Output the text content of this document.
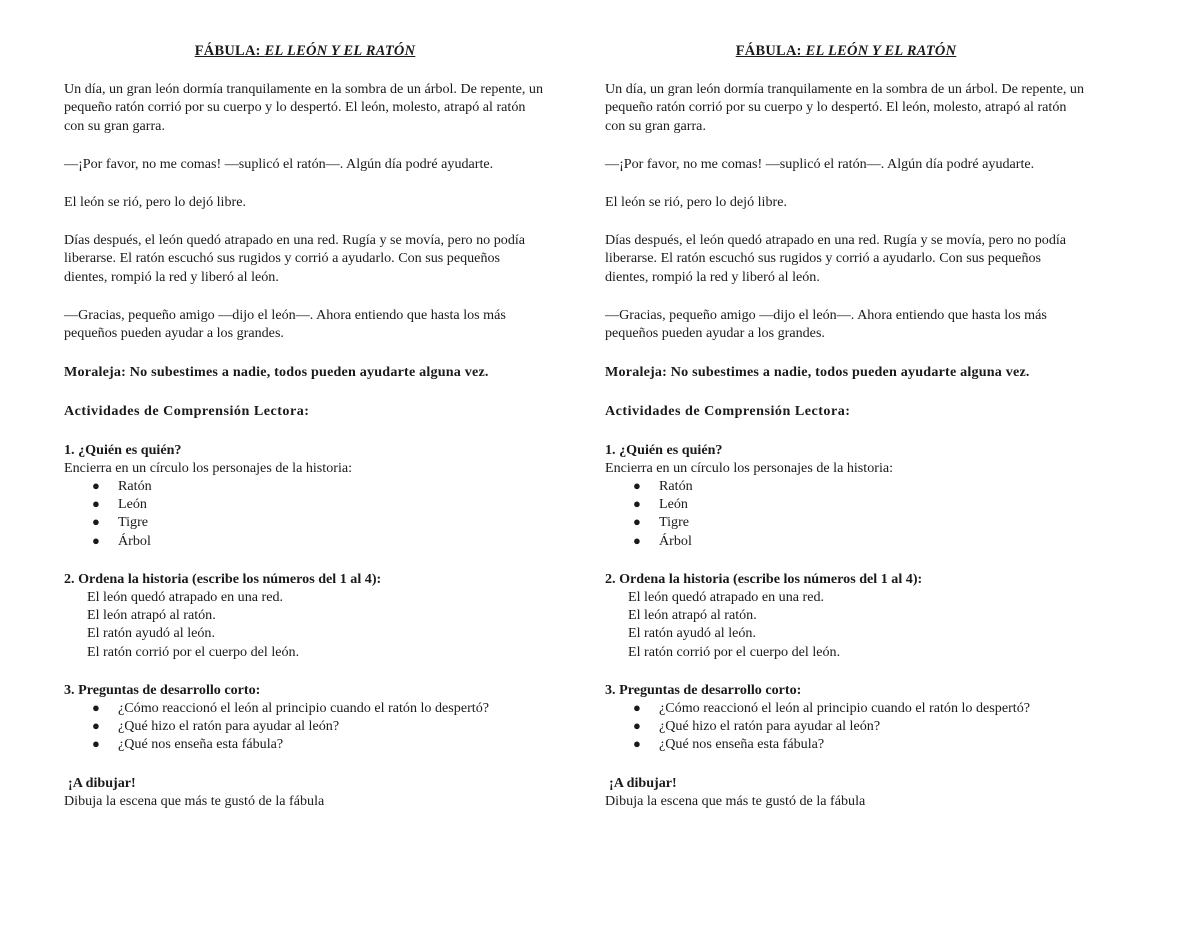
FÁBULA: EL LEÓN Y EL RATÓN

Un día, un gran león dormía tranquilamente en la sombra de un árbol. De repente, un pequeño ratón corrió por su cuerpo y lo despertó. El león, molesto, atrapó al ratón con su gran garra.

—¡Por favor, no me comas! —suplicó el ratón—. Algún día podré ayudarte.

El león se rió, pero lo dejó libre.

Días después, el león quedó atrapado en una red. Rugía y se movía, pero no podía liberarse. El ratón escuchó sus rugidos y corrió a ayudarlo. Con sus pequeños dientes, rompió la red y liberó al león.

—Gracias, pequeño amigo —dijo el león—. Ahora entiendo que hasta los más pequeños pueden ayudar a los grandes.

Moraleja: No subestimes a nadie, todos pueden ayudarte alguna vez.

Actividades de Comprensión Lectora:

1. ¿Quién es quién?

Encierra en un círculo los personajes de la historia:

● Ratón
● León
● Tigre
● Árbol

2. Ordena la historia (escribe los números del 1 al 4):

El león quedó atrapado en una red.

El león atrapó al ratón.

El ratón ayudó al león.

El ratón corrió por el cuerpo del león.

3. Preguntas de desarrollo corto:

● ¿Cómo reaccionó el león al principio cuando el ratón lo despertó?
● ¿Qué hizo el ratón para ayudar al león?
● ¿Qué nos enseña esta fábula?

¡A dibujar!

Dibuja la escena que más te gustó de la fábula

FÁBULA: EL LEÓN Y EL RATÓN

Un día, un gran león dormía tranquilamente en la sombra de un árbol. De repente, un pequeño ratón corrió por su cuerpo y lo despertó. El león, molesto, atrapó al ratón con su gran garra.

—¡Por favor, no me comas! —suplicó el ratón—. Algún día podré ayudarte.

El león se rió, pero lo dejó libre.

Días después, el león quedó atrapado en una red. Rugía y se movía, pero no podía liberarse. El ratón escuchó sus rugidos y corrió a ayudarlo. Con sus pequeños dientes, rompió la red y liberó al león.

—Gracias, pequeño amigo —dijo el león—. Ahora entiendo que hasta los más pequeños pueden ayudar a los grandes.

Moraleja: No subestimes a nadie, todos pueden ayudarte alguna vez.

Actividades de Comprensión Lectora:

1. ¿Quién es quién?

Encierra en un círculo los personajes de la historia:

● Ratón
● León
● Tigre
● Árbol

2. Ordena la historia (escribe los números del 1 al 4):

El león quedó atrapado en una red.

El león atrapó al ratón.

El ratón ayudó al león.

El ratón corrió por el cuerpo del león.

3. Preguntas de desarrollo corto:

● ¿Cómo reaccionó el león al principio cuando el ratón lo despertó?
● ¿Qué hizo el ratón para ayudar al león?
● ¿Qué nos enseña esta fábula?

¡A dibujar!

Dibuja la escena que más te gustó de la fábula
